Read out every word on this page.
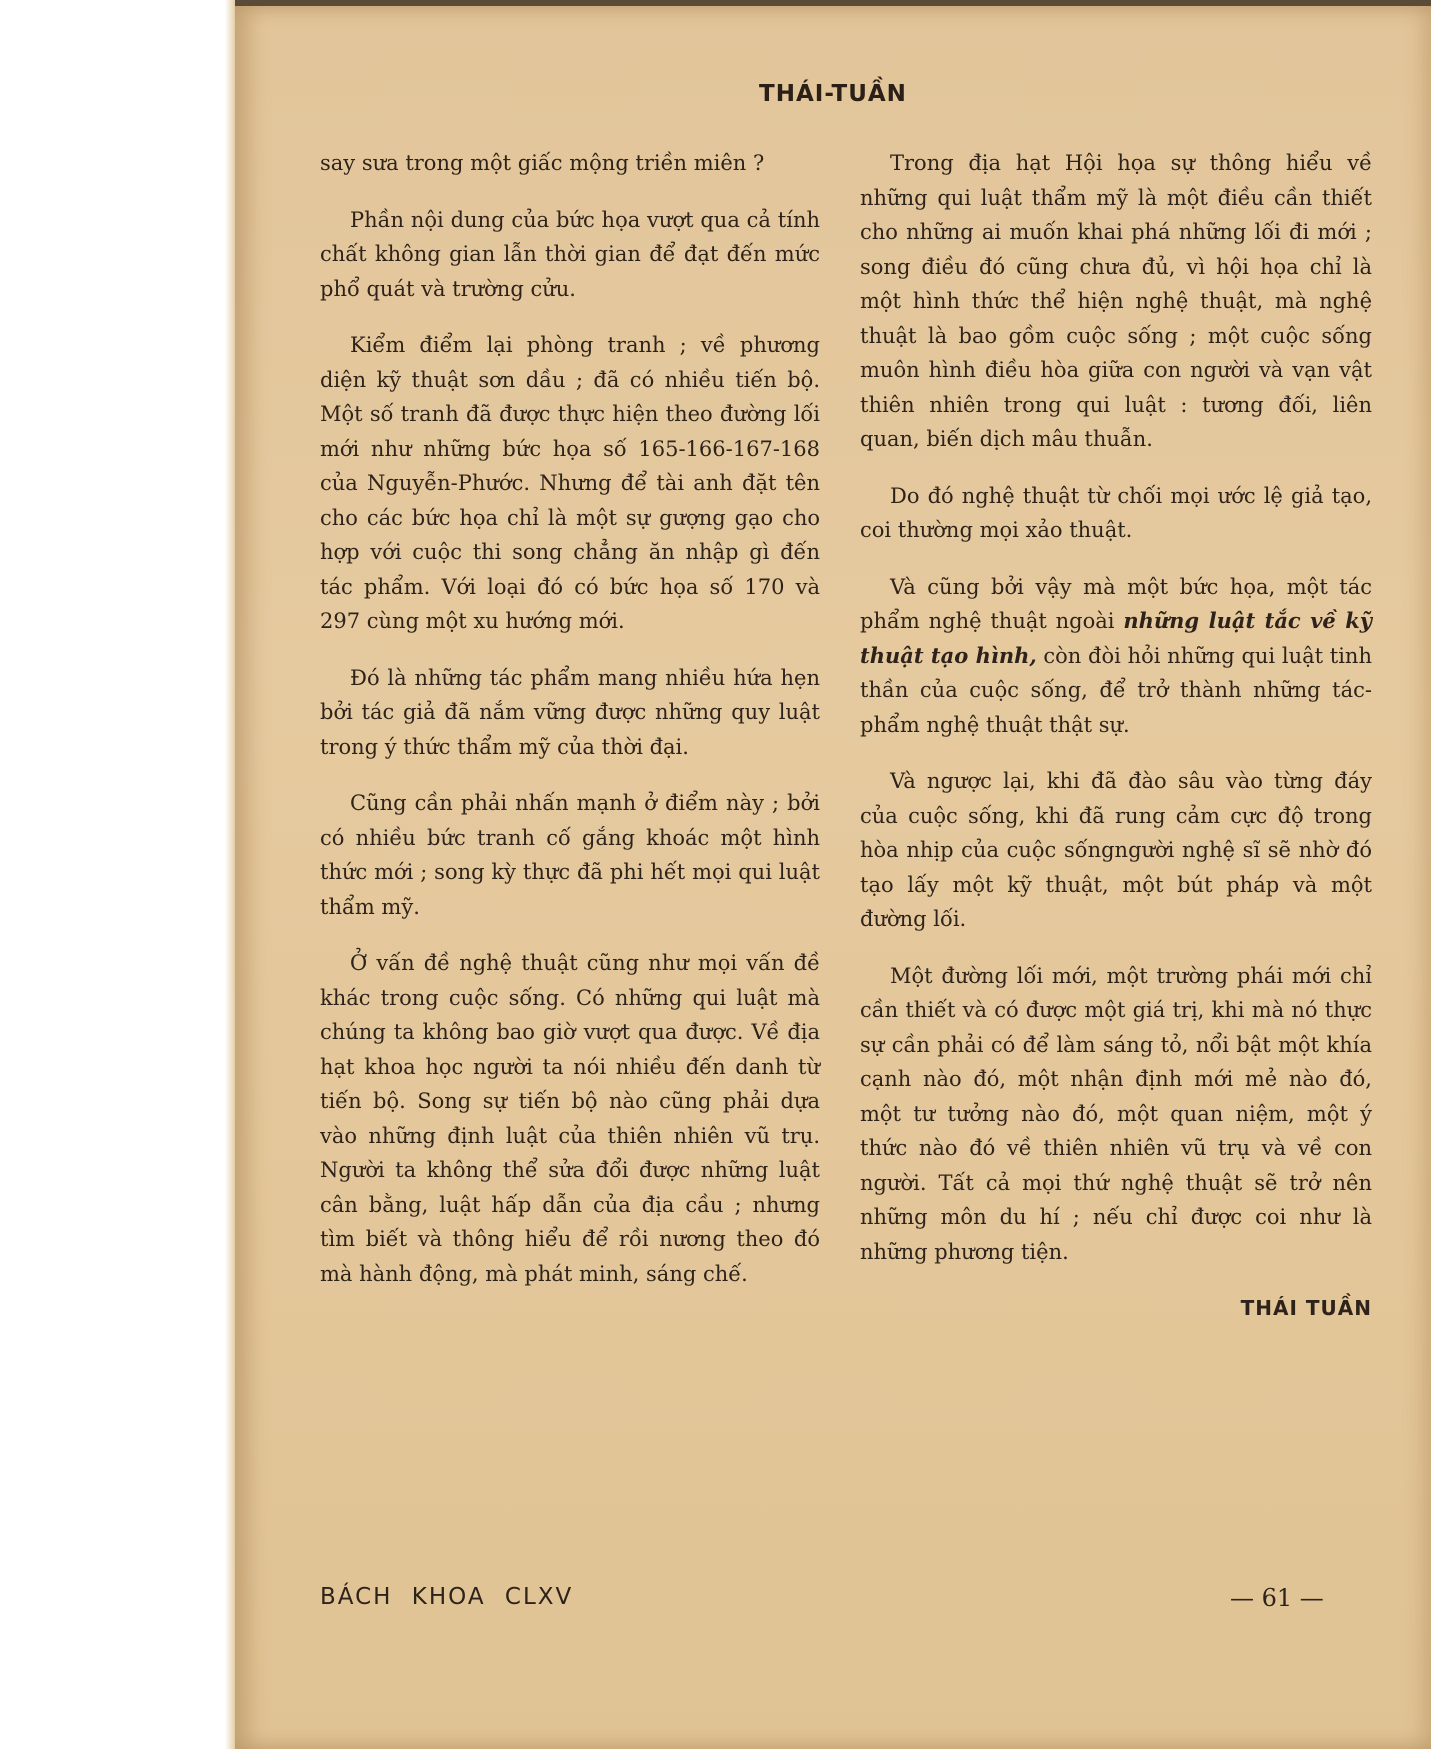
THÁI-TUẦN

say sưa trong một giấc mộng triền miên ?

Phần nội dung của bức họa vượt qua cả tính chất không gian lẫn thời gian để đạt đến mức phổ quát và trường cửu.

Kiểm điểm lại phòng tranh ; về phương diện kỹ thuật sơn dầu ; đã có nhiều tiến bộ. Một số tranh đã được thực hiện theo đường lối mới như những bức họa số 165-166-167-168 của Nguyễn-Phước. Nhưng để tài anh đặt tên cho các bức họa chỉ là một sự gượng gạo cho hợp với cuộc thi song chẳng ăn nhập gì đến tác phẩm. Với loại đó có bức họa số 170 và 297 cùng một xu hướng mới.

Đó là những tác phẩm mang nhiều hứa hẹn bởi tác giả đã nắm vững được những quy luật trong ý thức thẩm mỹ của thời đại.

Cũng cần phải nhấn mạnh ở điểm này ; bởi có nhiều bức tranh cố gắng khoác một hình thức mới ; song kỳ thực đã phi hết mọi qui luật thẩm mỹ.

Ở vấn đề nghệ thuật cũng như mọi vấn đề khác trong cuộc sống. Có những qui luật mà chúng ta không bao giờ vượt qua được. Về địa hạt khoa học người ta nói nhiều đến danh từ tiến bộ. Song sự tiến bộ nào cũng phải dựa vào những định luật của thiên nhiên vũ trụ. Người ta không thể sửa đổi được những luật cân bằng, luật hấp dẫn của địa cầu ; nhưng tìm biết và thông hiểu để rồi nương theo đó mà hành động, mà phát minh, sáng chế.

Trong địa hạt Hội họa sự thông hiểu về những qui luật thẩm mỹ là một điều cần thiết cho những ai muốn khai phá những lối đi mới ; song điều đó cũng chưa đủ, vì hội họa chỉ là một hình thức thể hiện nghệ thuật, mà nghệ thuật là bao gồm cuộc sống ; một cuộc sống muôn hình điều hòa giữa con người và vạn vật thiên nhiên trong qui luật : tương đối, liên quan, biến dịch mâu thuẫn.

Do đó nghệ thuật từ chối mọi ước lệ giả tạo, coi thường mọi xảo thuật.

Và cũng bởi vậy mà một bức họa, một tác phẩm nghệ thuật ngoài những luật tắc về kỹ thuật tạo hình, còn đòi hỏi những qui luật tinh thần của cuộc sống, để trở thành những tác-phẩm nghệ thuật thật sự.

Và ngược lại, khi đã đào sâu vào từng đáy của cuộc sống, khi đã rung cảm cực độ trong hòa nhịp của cuộc sốngngười nghệ sĩ sẽ nhờ đó tạo lấy một kỹ thuật, một bút pháp và một đường lối.

Một đường lối mới, một trường phái mới chỉ cần thiết và có được một giá trị, khi mà nó thực sự cần phải có để làm sáng tỏ, nổi bật một khía cạnh nào đó, một nhận định mới mẻ nào đó, một tư tưởng nào đó, một quan niệm, một ý thức nào đó về thiên nhiên vũ trụ và về con người. Tất cả mọi thứ nghệ thuật sẽ trở nên những môn du hí ; nếu chỉ được coi như là những phương tiện.

THÁI TUẦN
BÁCH KHOA CLXV	— 61 —
